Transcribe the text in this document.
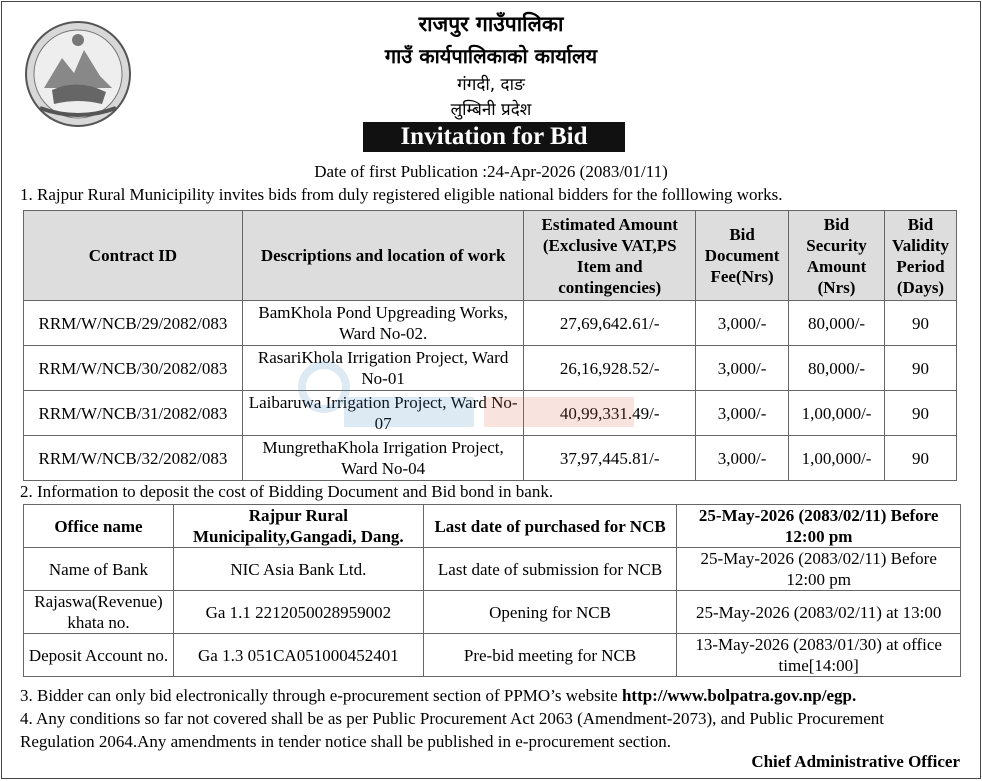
राजपुर गाउँपालिका
गाउँ कार्यपालिकाको कार्यालय
गंगदी, दाङ
लुम्बिनी प्रदेश
Invitation for Bid
Date of first Publication :24-Apr-2026 (2083/01/11)
1. Rajpur Rural Municipility invites bids from duly registered eligible national bidders for the folllowing works.
Contract ID	Descriptions and location of work	Estimated Amount (Exclusive VAT,PS Item and contingencies)	Bid Document Fee(Nrs)	Bid Security Amount (Nrs)	Bid Validity Period (Days)
RRM/W/NCB/29/2082/083	BamKhola Pond Upgreading Works, Ward No-02.	27,69,642.61/-	3,000/-	80,000/-	90
RRM/W/NCB/30/2082/083	RasariKhola Irrigation Project, Ward No-01	26,16,928.52/-	3,000/-	80,000/-	90
RRM/W/NCB/31/2082/083	Laibaruwa Irrigation Project, Ward No-07	40,99,331.49/-	3,000/-	1,00,000/-	90
RRM/W/NCB/32/2082/083	MungrethaKhola Irrigation Project, Ward No-04	37,97,445.81/-	3,000/-	1,00,000/-	90
2. Information to deposit the cost of Bidding Document and Bid bond in bank.
Office name	Rajpur Rural Municipality,Gangadi, Dang.	Last date of purchased for NCB	25-May-2026 (2083/02/11) Before 12:00 pm
Name of Bank	NIC Asia Bank Ltd.	Last date of submission for NCB	25-May-2026 (2083/02/11) Before 12:00 pm
Rajaswa(Revenue) khata no.	Ga 1.1 2212050028959002	Opening for NCB	25-May-2026 (2083/02/11) at 13:00
Deposit Account no.	Ga 1.3 051CA051000452401	Pre-bid meeting for NCB	13-May-2026 (2083/01/30) at office time[14:00]
3. Bidder can only bid electronically through e-procurement section of PPMO’s website http://www.bolpatra.gov.np/egp.
4. Any conditions so far not covered shall be as per Public Procurement Act 2063 (Amendment-2073), and Public Procurement
Regulation 2064.Any amendments in tender notice shall be published in e-procurement section.
Chief Administrative Officer
